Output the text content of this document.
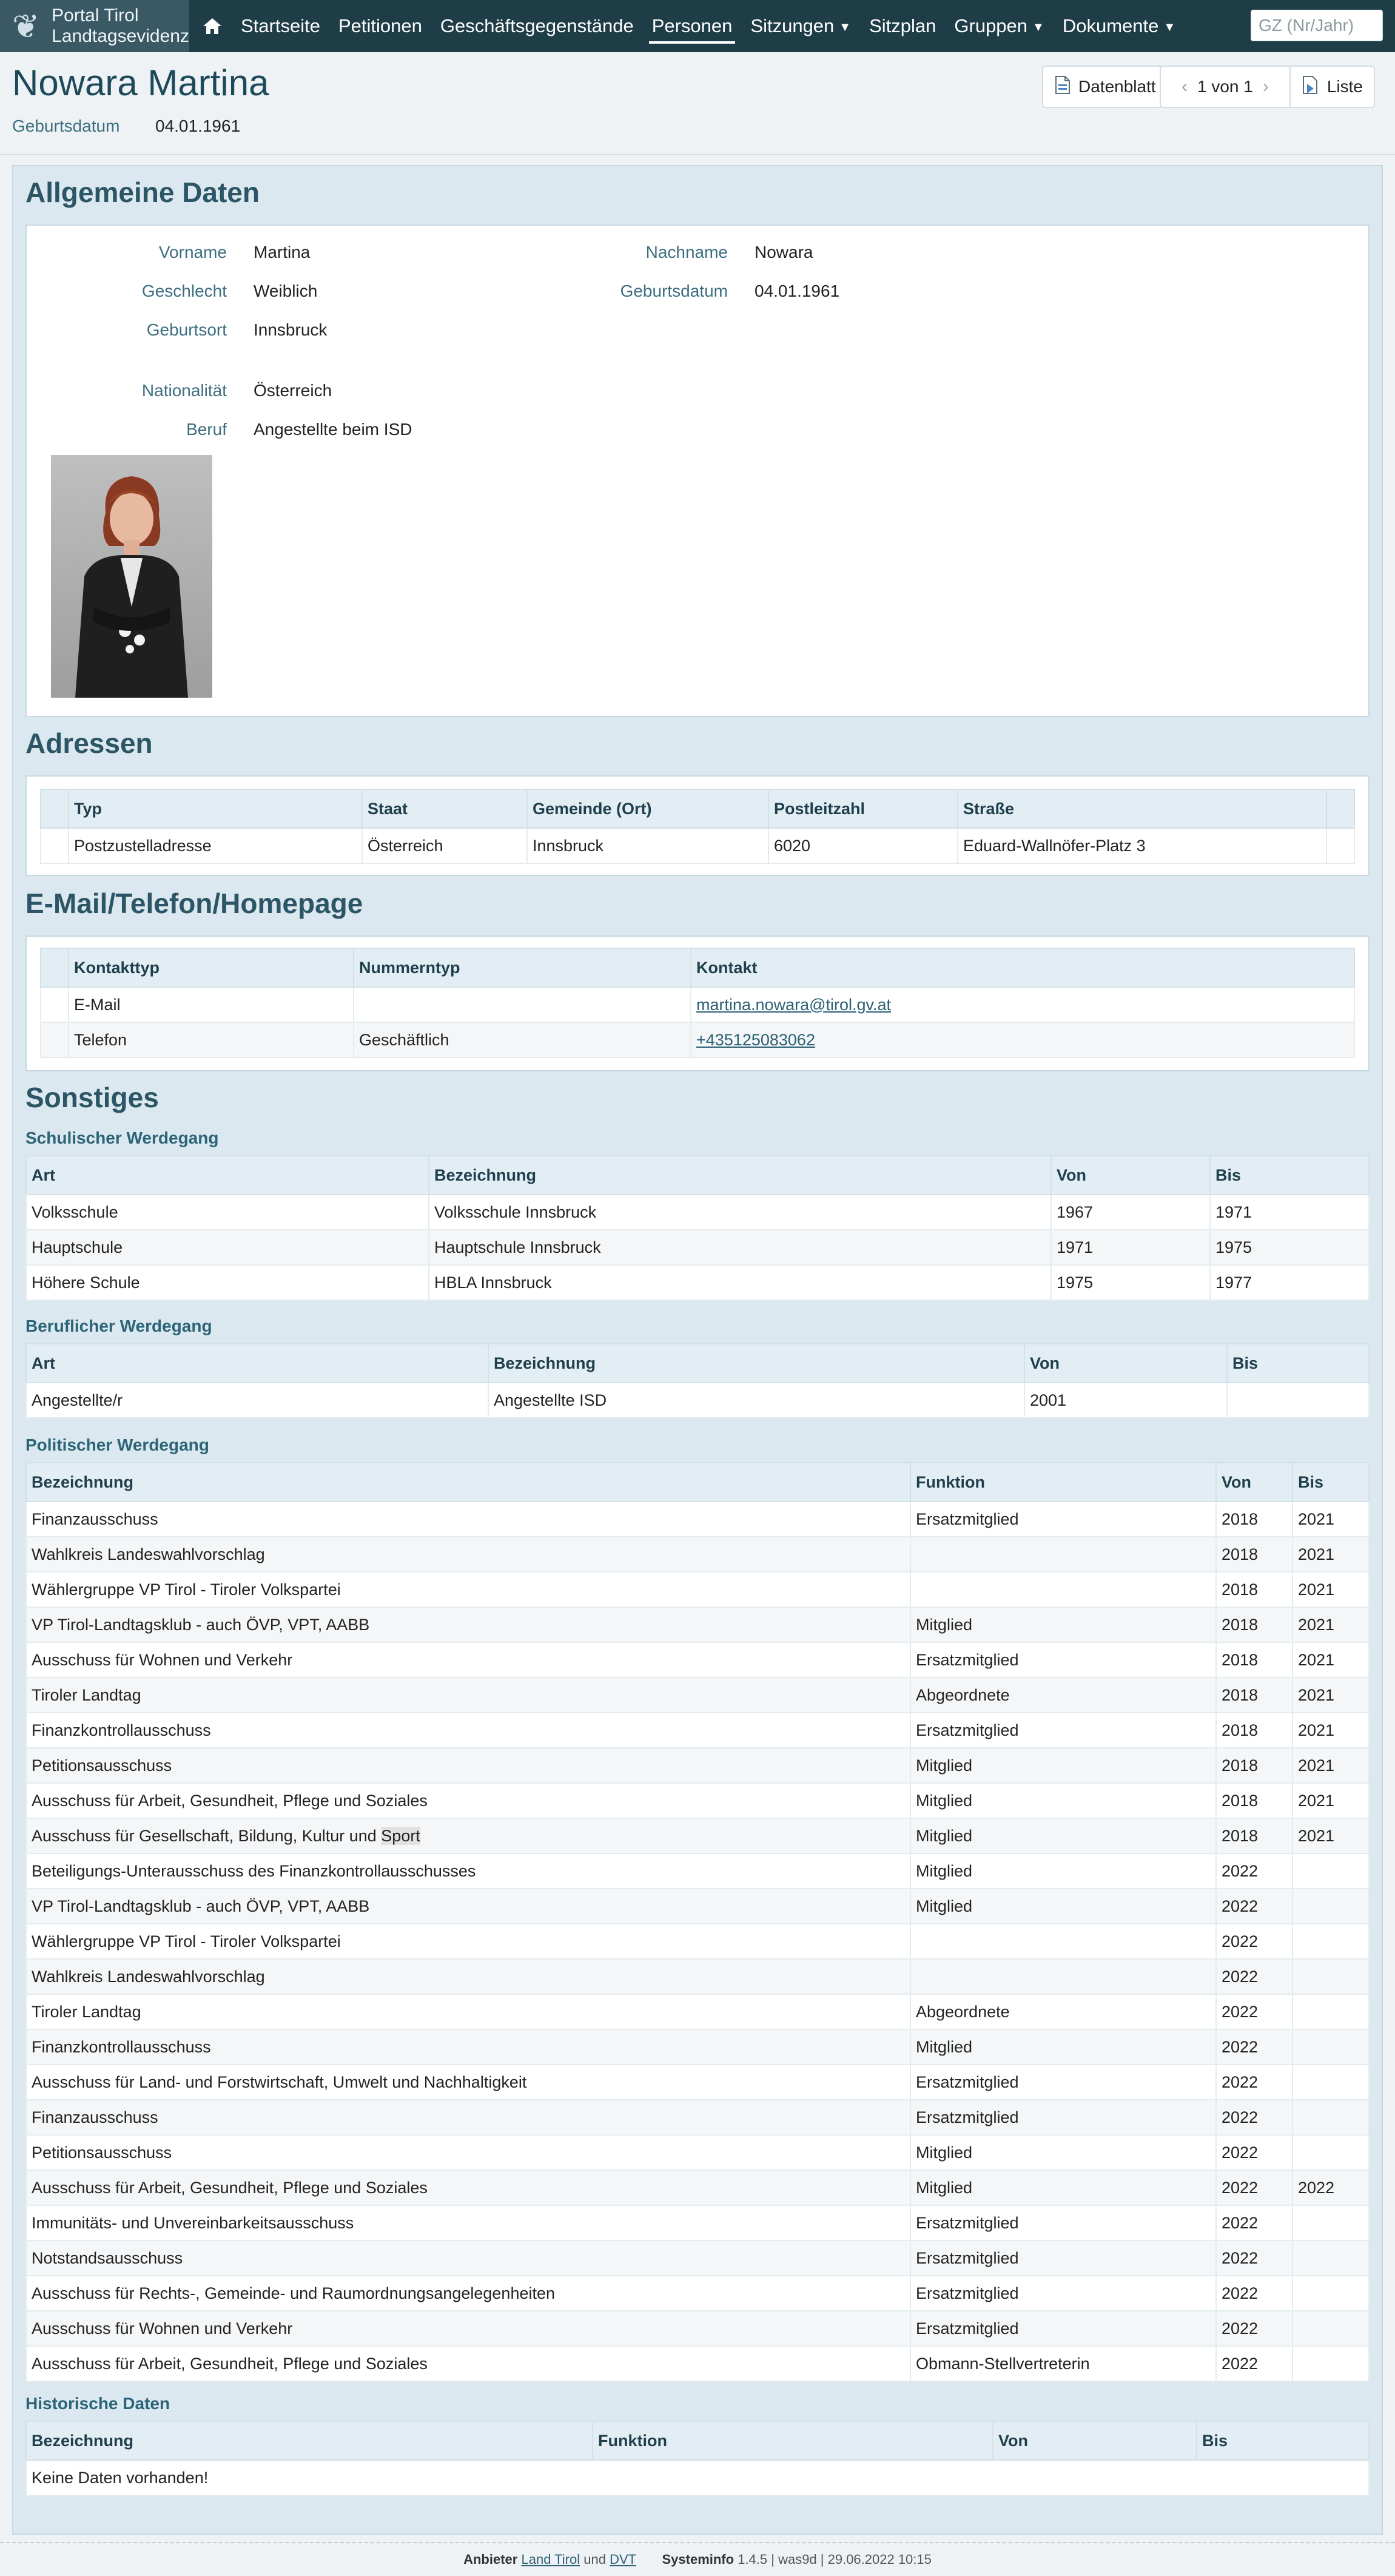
❦ Portal Tirol
Landtagsevidenz	Startseite Petitionen Geschäftsgegenstände Personen Sitzungen ▼ Sitzplan Gruppen ▼ Dokumente ▼
GZ (Nr/Jahr)
Nowara Martina
Geburtsdatum 04.01.1961
Datenblatt	‹ 1 von 1 ›	Liste
Allgemeine Daten
Vorname Martina	Nachname Nowara
Geschlecht Weiblich	Geburtsdatum 04.01.1961
Geburtsort Innsbruck
Nationalität Österreich
Beruf Angestellte beim ISD
Adressen
	Typ	Staat	Gemeinde (Ort)	Postleitzahl	Straße	
	Postzustelladresse	Österreich	Innsbruck	6020	Eduard-Wallnöfer-Platz 3	
E-Mail/Telefon/Homepage
	Kontakttyp	Nummerntyp	Kontakt
	E-Mail		martina.nowara@tirol.gv.at
	Telefon	Geschäftlich	+435125083062
Sonstiges
Schulischer Werdegang
Art	Bezeichnung	Von	Bis
Volksschule	Volksschule Innsbruck	1967	1971
Hauptschule	Hauptschule Innsbruck	1971	1975
Höhere Schule	HBLA Innsbruck	1975	1977
Beruflicher Werdegang
Art	Bezeichnung	Von	Bis
Angestellte/r	Angestellte ISD	2001	
Politischer Werdegang
Bezeichnung	Funktion	Von	Bis
Finanzausschuss	Ersatzmitglied	2018	2021
Wahlkreis Landeswahlvorschlag		2018	2021
Wählergruppe VP Tirol - Tiroler Volkspartei		2018	2021
VP Tirol-Landtagsklub - auch ÖVP, VPT, AABB	Mitglied	2018	2021
Ausschuss für Wohnen und Verkehr	Ersatzmitglied	2018	2021
Tiroler Landtag	Abgeordnete	2018	2021
Finanzkontrollausschuss	Ersatzmitglied	2018	2021
Petitionsausschuss	Mitglied	2018	2021
Ausschuss für Arbeit, Gesundheit, Pflege und Soziales	Mitglied	2018	2021
Ausschuss für Gesellschaft, Bildung, Kultur und Sport	Mitglied	2018	2021
Beteiligungs-Unterausschuss des Finanzkontrollausschusses	Mitglied	2022	
VP Tirol-Landtagsklub - auch ÖVP, VPT, AABB	Mitglied	2022	
Wählergruppe VP Tirol - Tiroler Volkspartei		2022	
Wahlkreis Landeswahlvorschlag		2022	
Tiroler Landtag	Abgeordnete	2022	
Finanzkontrollausschuss	Mitglied	2022	
Ausschuss für Land- und Forstwirtschaft, Umwelt und Nachhaltigkeit	Ersatzmitglied	2022	
Finanzausschuss	Ersatzmitglied	2022	
Petitionsausschuss	Mitglied	2022	
Ausschuss für Arbeit, Gesundheit, Pflege und Soziales	Mitglied	2022	2022
Immunitäts- und Unvereinbarkeitsausschuss	Ersatzmitglied	2022	
Notstandsausschuss	Ersatzmitglied	2022	
Ausschuss für Rechts-, Gemeinde- und Raumordnungsangelegenheiten	Ersatzmitglied	2022	
Ausschuss für Wohnen und Verkehr	Ersatzmitglied	2022	
Ausschuss für Arbeit, Gesundheit, Pflege und Soziales	Obmann-Stellvertreterin	2022	
Historische Daten
Bezeichnung	Funktion	Von	Bis
Keine Daten vorhanden!
Anbieter Land Tirol und DVT Systeminfo 1.4.5 | was9d | 29.06.2022 10:15
